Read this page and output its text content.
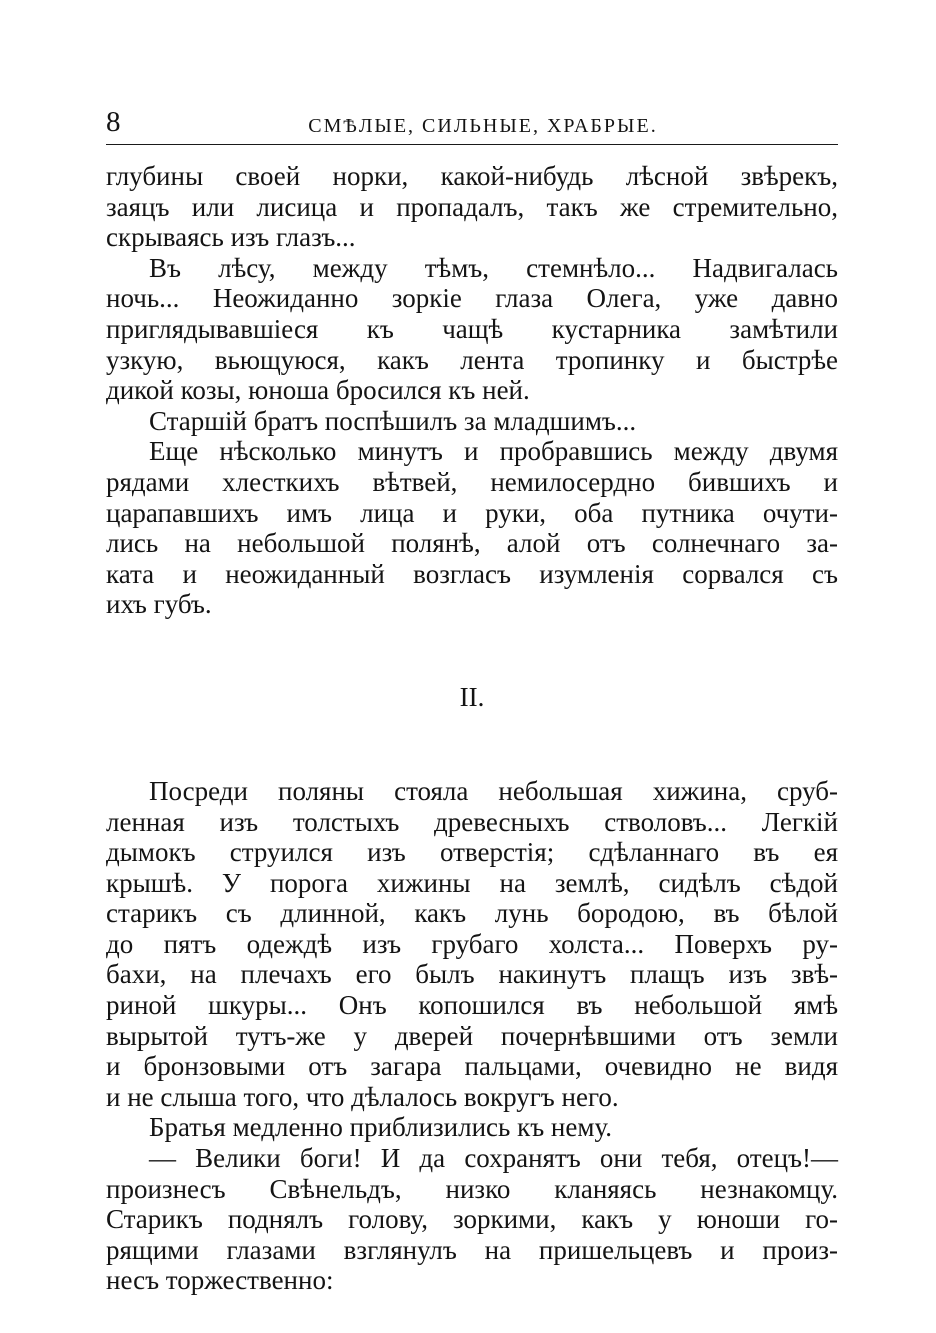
8	СМѢЛЫЕ, СИЛЬНЫЕ, ХРАБРЫЕ.
глубины своей норки, какой-нибудь лѣсной звѣрекъ,
заяцъ или лисица и пропадалъ, такъ же стремительно,
скрываясь изъ глазъ...
Въ лѣсу, между тѣмъ, стемнѣло... Надвигалась
ночь... Неожиданно зоркіе глаза Олега, уже давно
приглядывавшіеся къ чащѣ кустарника замѣтили
узкую, вьющуюся, какъ лента тропинку и быстрѣе
дикой козы, юноша бросился къ ней.
Старшій братъ поспѣшилъ за младшимъ...
Еще нѣсколько минутъ и пробравшись между двумя
рядами хлесткихъ вѣтвей, немилосердно бившихъ и
царапавшихъ имъ лица и руки, оба путника очути-
лись на небольшой полянѣ, алой отъ солнечнаго за-
ката и неожиданный возгласъ изумленія сорвался съ
ихъ губъ.
II.
Посреди поляны стояла небольшая хижина, сруб-
ленная изъ толстыхъ древесныхъ стволовъ... Легкій
дымокъ струился изъ отверстія; сдѣланнаго въ ея
крышѣ. У порога хижины на землѣ, сидѣлъ сѣдой
старикъ съ длинной, какъ лунь бородою, въ бѣлой
до пятъ одеждѣ изъ грубаго холста... Поверхъ ру-
бахи, на плечахъ его былъ накинутъ плащъ изъ звѣ-
риной шкуры... Онъ копошился въ небольшой ямѣ
вырытой тутъ-же у дверей почернѣвшими отъ земли
и бронзовыми отъ загара пальцами, очевидно не видя
и не слыша того, что дѣлалось вокругъ него.
Братья медленно приблизились къ нему.
— Велики боги! И да сохранятъ они тебя, отецъ!—
произнесъ Свѣнельдъ, низко кланяясь незнакомцу.
Старикъ поднялъ голову, зоркими, какъ у юноши го-
рящими глазами взглянулъ на пришельцевъ и произ-
несъ торжественно:
